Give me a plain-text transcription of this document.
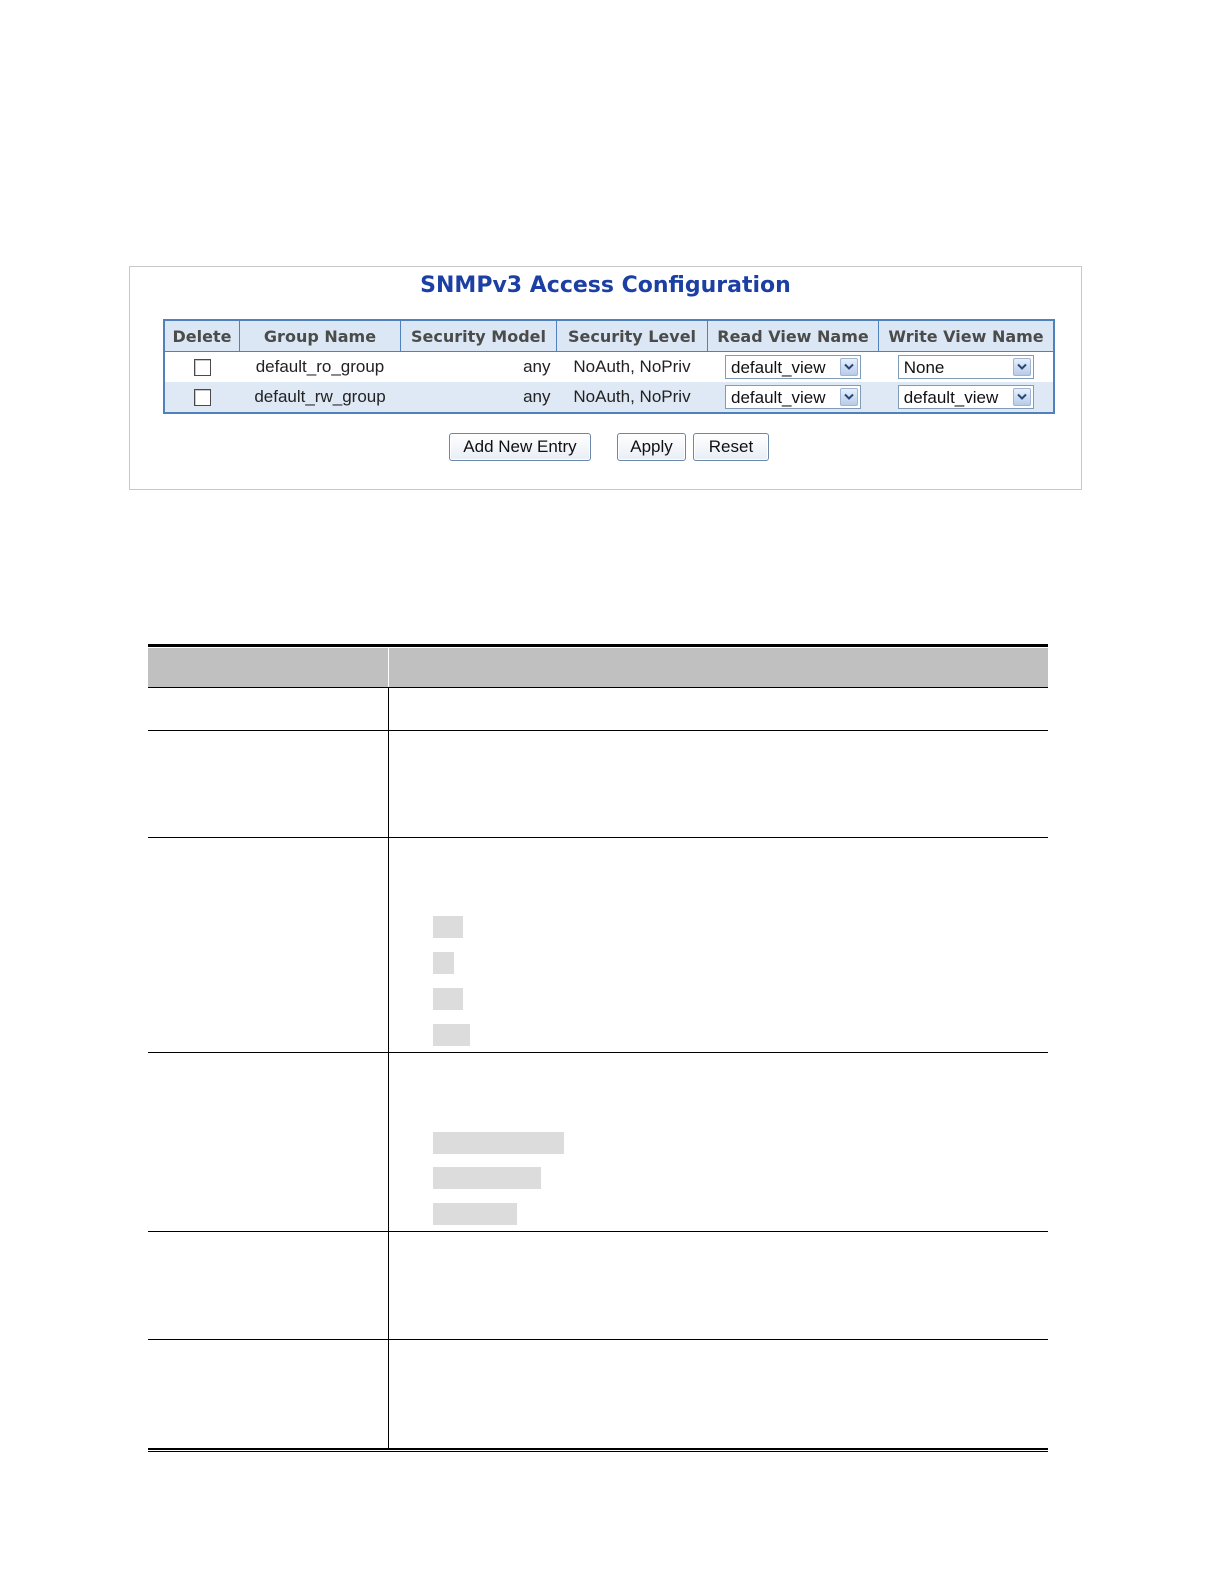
SNMPv3 Access Configuration
Delete	Group Name	Security Model	Security Level	Read View Name	Write View Name
	default_ro_group	any	NoAuth, NoPriv	default_view	None

	default_rw_group	any	NoAuth, NoPriv	default_view	default_view
Add New Entry	Apply	Reset
